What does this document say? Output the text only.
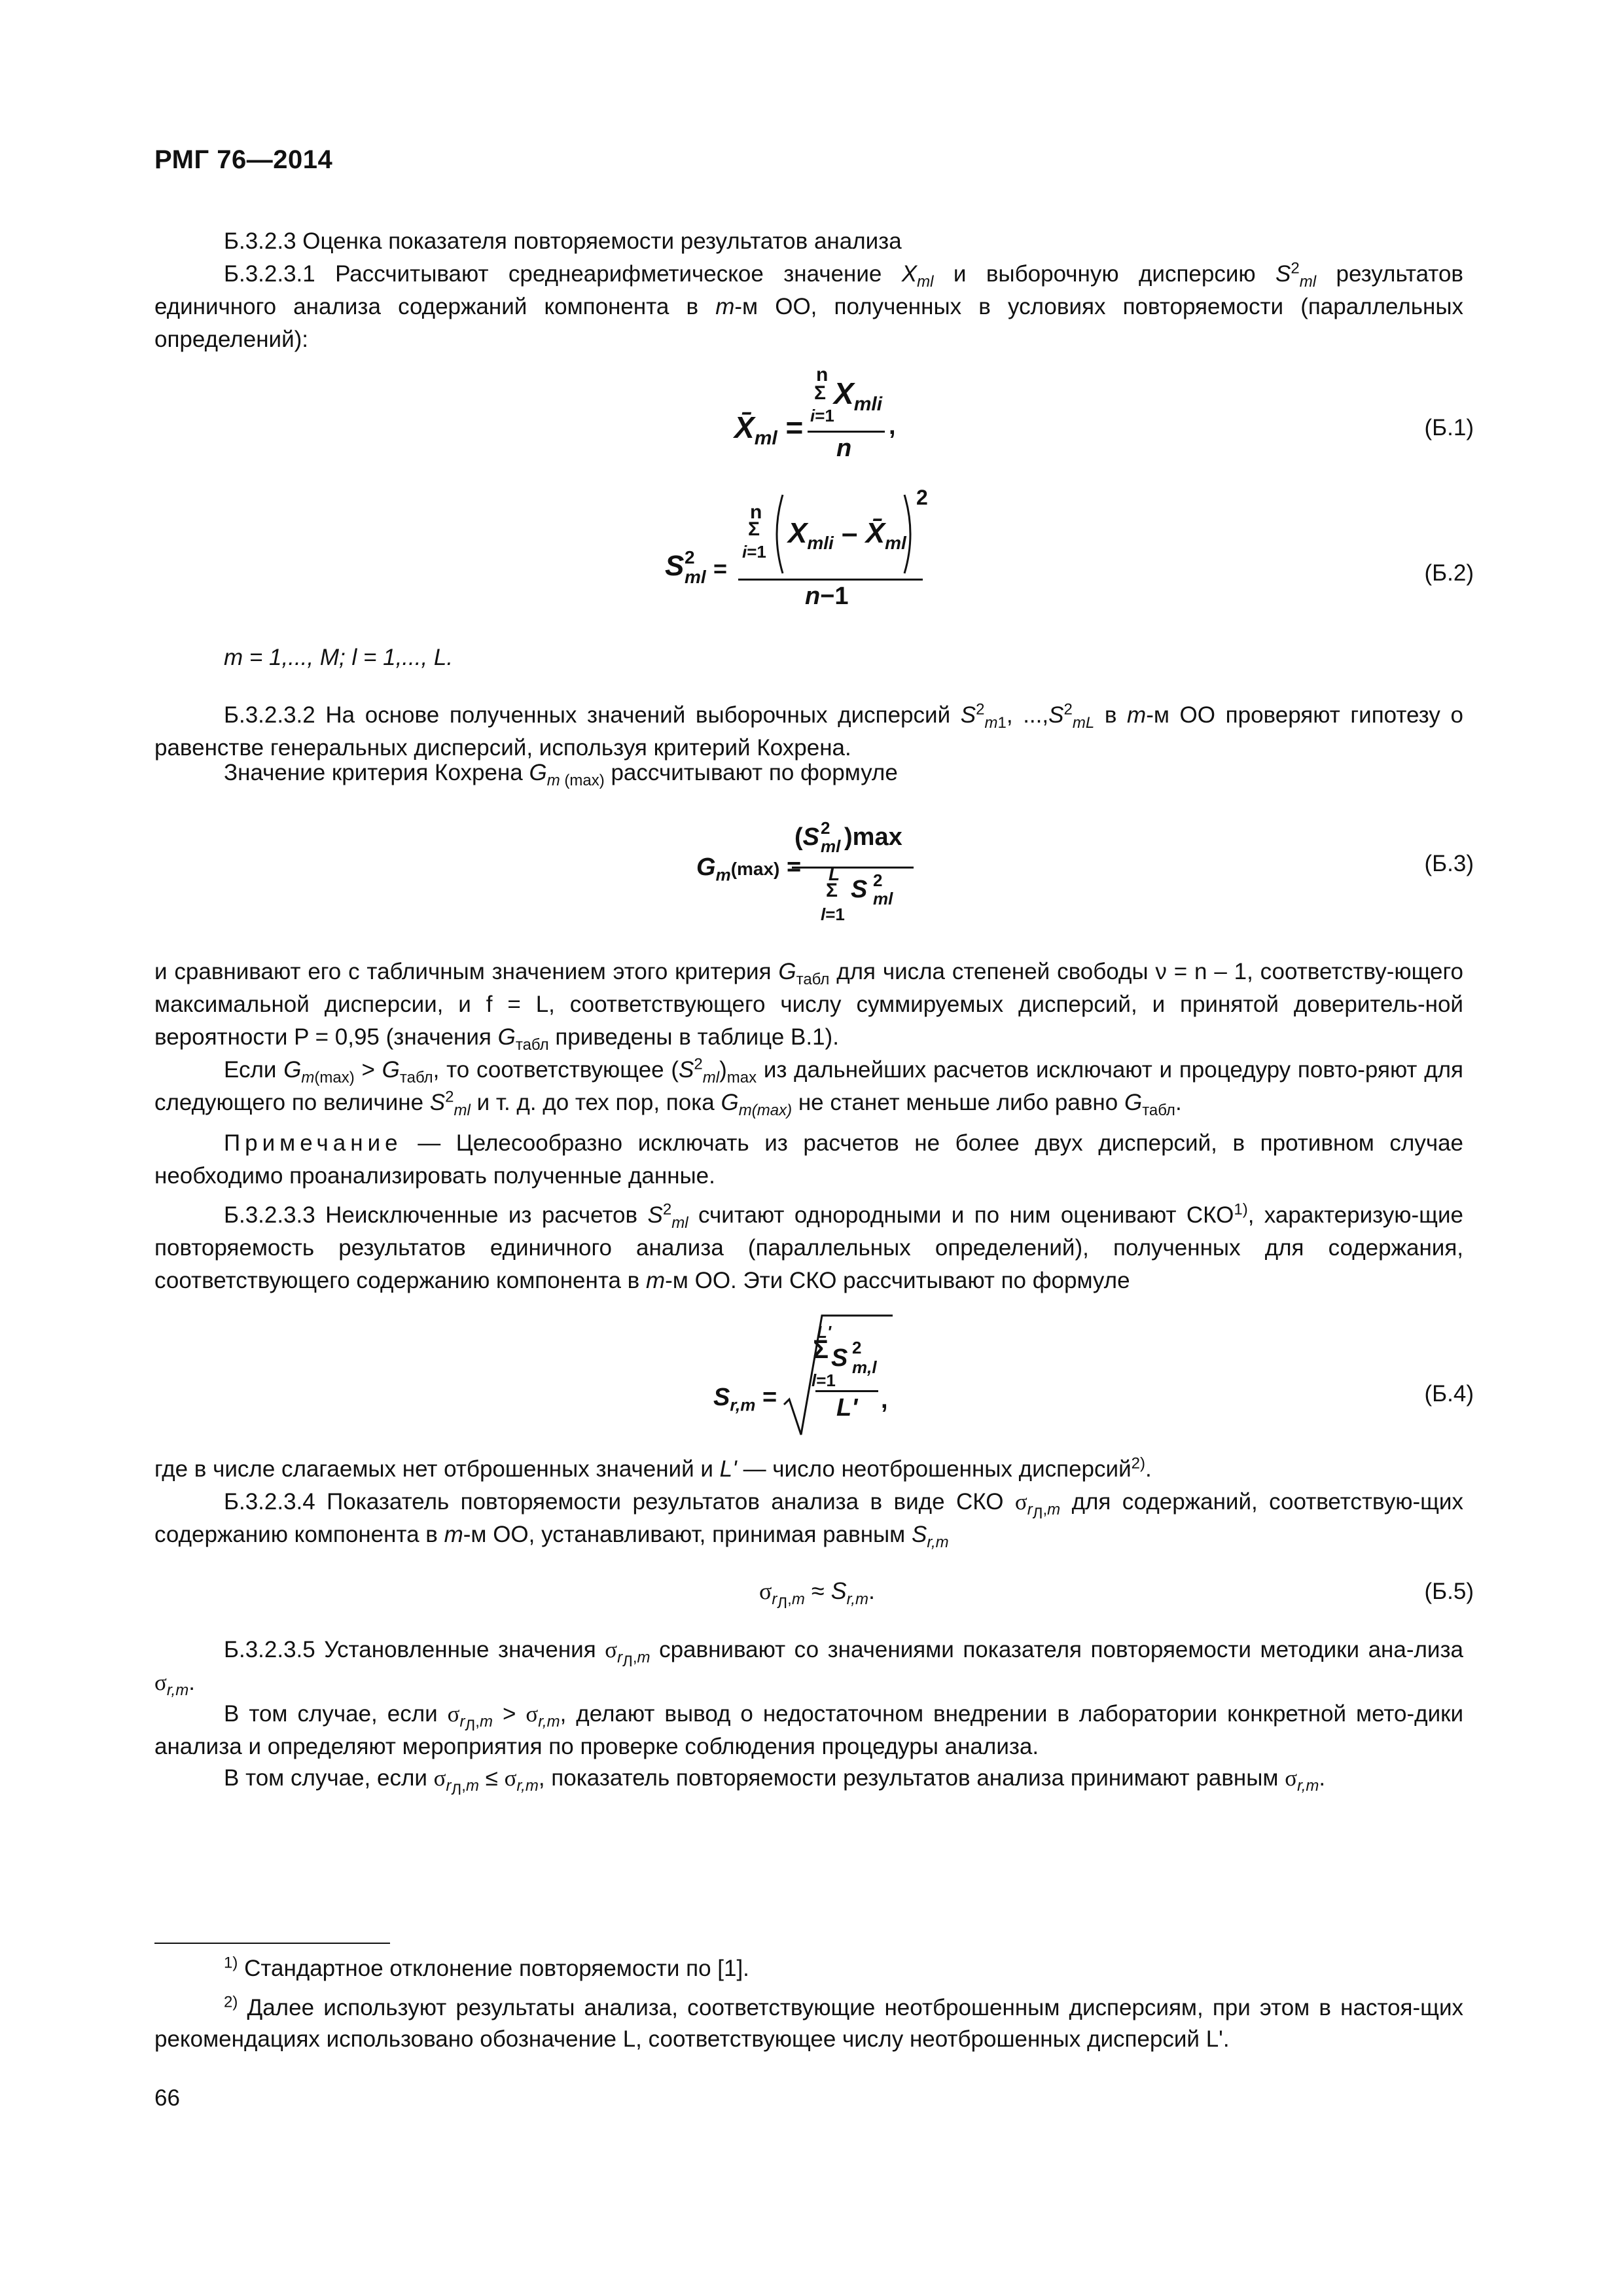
РМГ 76—2014
Б.3.2.3 Оценка показателя повторяемости результатов анализа
Б.3.2.3.1 Рассчитывают среднеарифметическое значение $X_{ml}$ и выборочную дисперсию $S^2_{ml}$ результатов единичного анализа содержаний компонента в m-м ОО, полученных в условиях повторяемости (параллельных определений):
n
Σ $X_{mli}$
i=1
$X̄_{ml}$ =
n
,	(Б.1)
n
Σ
i=1
$X_{mli}$ – $X̄_{ml}$
2
S 2
ml =
n−1
(Б.2)
m = 1,..., M; l = 1,..., L.
Б.3.2.3.2 На основе полученных значений выборочных дисперсий $S^2_{m1}$, $...,S^2_{mL}$ в m-м ОО проверяют гипотезу о равенстве генеральных дисперсий, используя критерий Кохрена.
Значение критерия Кохрена $G_m$ $_{(max)}$ рассчитывают по формуле
(S 2
ml )max
$G_m(\max) = L$
Σ S 2
ml
l=1
(Б.3)
и сравнивают его с табличным значением этого критерия $G_{табл}$ для числа степеней свободы ν = n – 1, соответству-ющего максимальной дисперсии, и f = L, соответствующего числу суммируемых дисперсий, и принятой доверитель-ной вероятности P = 0,95 (значения $G_{табл}$ приведены в таблице В.1).
Если $G_{m(max)} > G_{табл}$, то соответствующее $(S^2_{ml})_{max}$ из дальнейших расчетов исключают и процедуру повто-ряют для следующего по величине $S^2_{ml}$ и т. д. до тех пор, пока $G_{m(max)}$ не станет меньше либо равно $G_{табл}$.
Примечание — Целесообразно исключать из расчетов не более двух дисперсий, в противном случае необходимо проанализировать полученные данные.
Б.3.2.3.3 Неисключенные из расчетов $S^2_{ml}$ считают однородными и по ним оценивают СКО$^{1)}$, характеризую-щие повторяемость результатов единичного анализа (параллельных определений), полученных для содержания, соответствующего содержанию компонента в m-м ОО. Эти СКО рассчитывают по формуле
$S_{r,m}$ =
L'
Σ S 2
m,l
l=1
L' ,	(Б.4)
где в числе слагаемых нет отброшенных значений и L' — число неотброшенных дисперсий$^{2)}$.
Б.3.2.3.4 Показатель повторяемости результатов анализа в виде СКО $\sigma_{r_Л,m}$ для содержаний, соответствую-щих содержанию компонента в m-м ОО, устанавливают, принимая равным $S_{r,m}$
$\sigma_{r_Л,m} \approx S_{r,m}$.	(Б.5)
Б.3.2.3.5 Установленные значения $\sigma_{r_Л,m}$ сравнивают со значениями показателя повторяемости методики ана-лиза $\sigma_{r,m}$.
В том случае, если $\sigma_{r_Л,m} > \sigma_{r,m}$, делают вывод о недостаточном внедрении в лаборатории конкретной мето-дики анализа и определяют мероприятия по проверке соблюдения процедуры анализа.
В том случае, если $\sigma_{r_Л,m} \le \sigma_{r,m}$, показатель повторяемости результатов анализа принимают равным $\sigma_{r,m}$.
$^{1)}$ Стандартное отклонение повторяемости по [1].
$^{2)}$ Далее используют результаты анализа, соответствующие неотброшенным дисперсиям, при этом в настоя-щих рекомендациях использовано обозначение L, соответствующее числу неотброшенных дисперсий L'.
66
